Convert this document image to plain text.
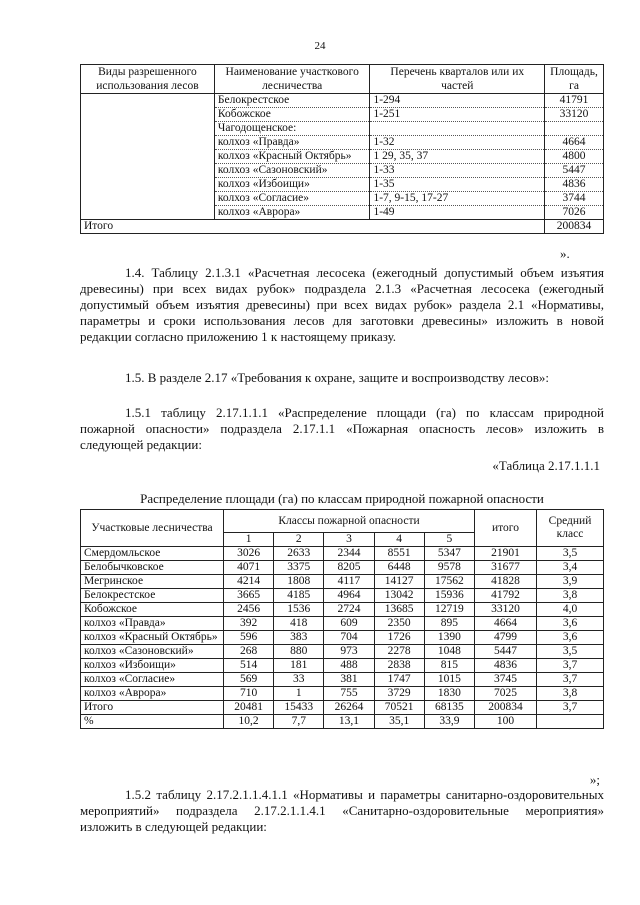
24
Виды разрешенного использования лесов	Наименование участкового лесничества	Перечень кварталов или их частей	Площадь, га
	Белокрестское	1-294	41791
	Кобожское	1-251	33120
	Чагодощенское:		
	колхоз «Правда»	1-32	4664
	колхоз «Красный Октябрь»	1 29, 35, 37	4800
	колхоз «Сазоновский»	1-33	5447
	колхоз «Избоищи»	1-35	4836
	колхоз «Согласие»	1-7, 9-15, 17-27	3744
	колхоз «Аврора»	1-49	7026
Итого			200834
».
1.4. Таблицу 2.1.3.1 «Расчетная лесосека (ежегодный допустимый объем изъятия древесины) при всех видах рубок» подраздела 2.1.3 «Расчетная лесосека (ежегодный допустимый объем изъятия древесины) при всех видах рубок» раздела 2.1 «Нормативы, параметры и сроки использования лесов для заготовки древесины» изложить в новой редакции согласно приложению 1 к настоящему приказу.
1.5. В разделе 2.17 «Требования к охране, защите и воспроизводству лесов»:
1.5.1 таблицу 2.17.1.1.1 «Распределение площади (га) по классам природной пожарной опасности» подраздела 2.17.1.1 «Пожарная опасность лесов» изложить в следующей редакции:
«Таблица 2.17.1.1.1
Распределение площади (га) по классам природной пожарной опасности
Участковые лесничества	Классы пожарной опасности					итого	Средний класс
	1	2	3	4	5		
Смердомльское	3026	2633	2344	8551	5347	21901	3,5
Белобычковское	4071	3375	8205	6448	9578	31677	3,4
Мегринское	4214	1808	4117	14127	17562	41828	3,9
Белокрестское	3665	4185	4964	13042	15936	41792	3,8
Кобожское	2456	1536	2724	13685	12719	33120	4,0
колхоз «Правда»	392	418	609	2350	895	4664	3,6
колхоз «Красный Октябрь»	596	383	704	1726	1390	4799	3,6
колхоз «Сазоновский»	268	880	973	2278	1048	5447	3,5
колхоз «Избоищи»	514	181	488	2838	815	4836	3,7
колхоз «Согласие»	569	33	381	1747	1015	3745	3,7
колхоз «Аврора»	710	1	755	3729	1830	7025	3,8
Итого	20481	15433	26264	70521	68135	200834	3,7
%	10,2	7,7	13,1	35,1	33,9	100	
»;
1.5.2 таблицу 2.17.2.1.1.4.1.1 «Нормативы и параметры санитарно-оздоровительных мероприятий» подраздела 2.17.2.1.1.4.1 «Санитарно-оздоровительные мероприятия» изложить в следующей редакции:
